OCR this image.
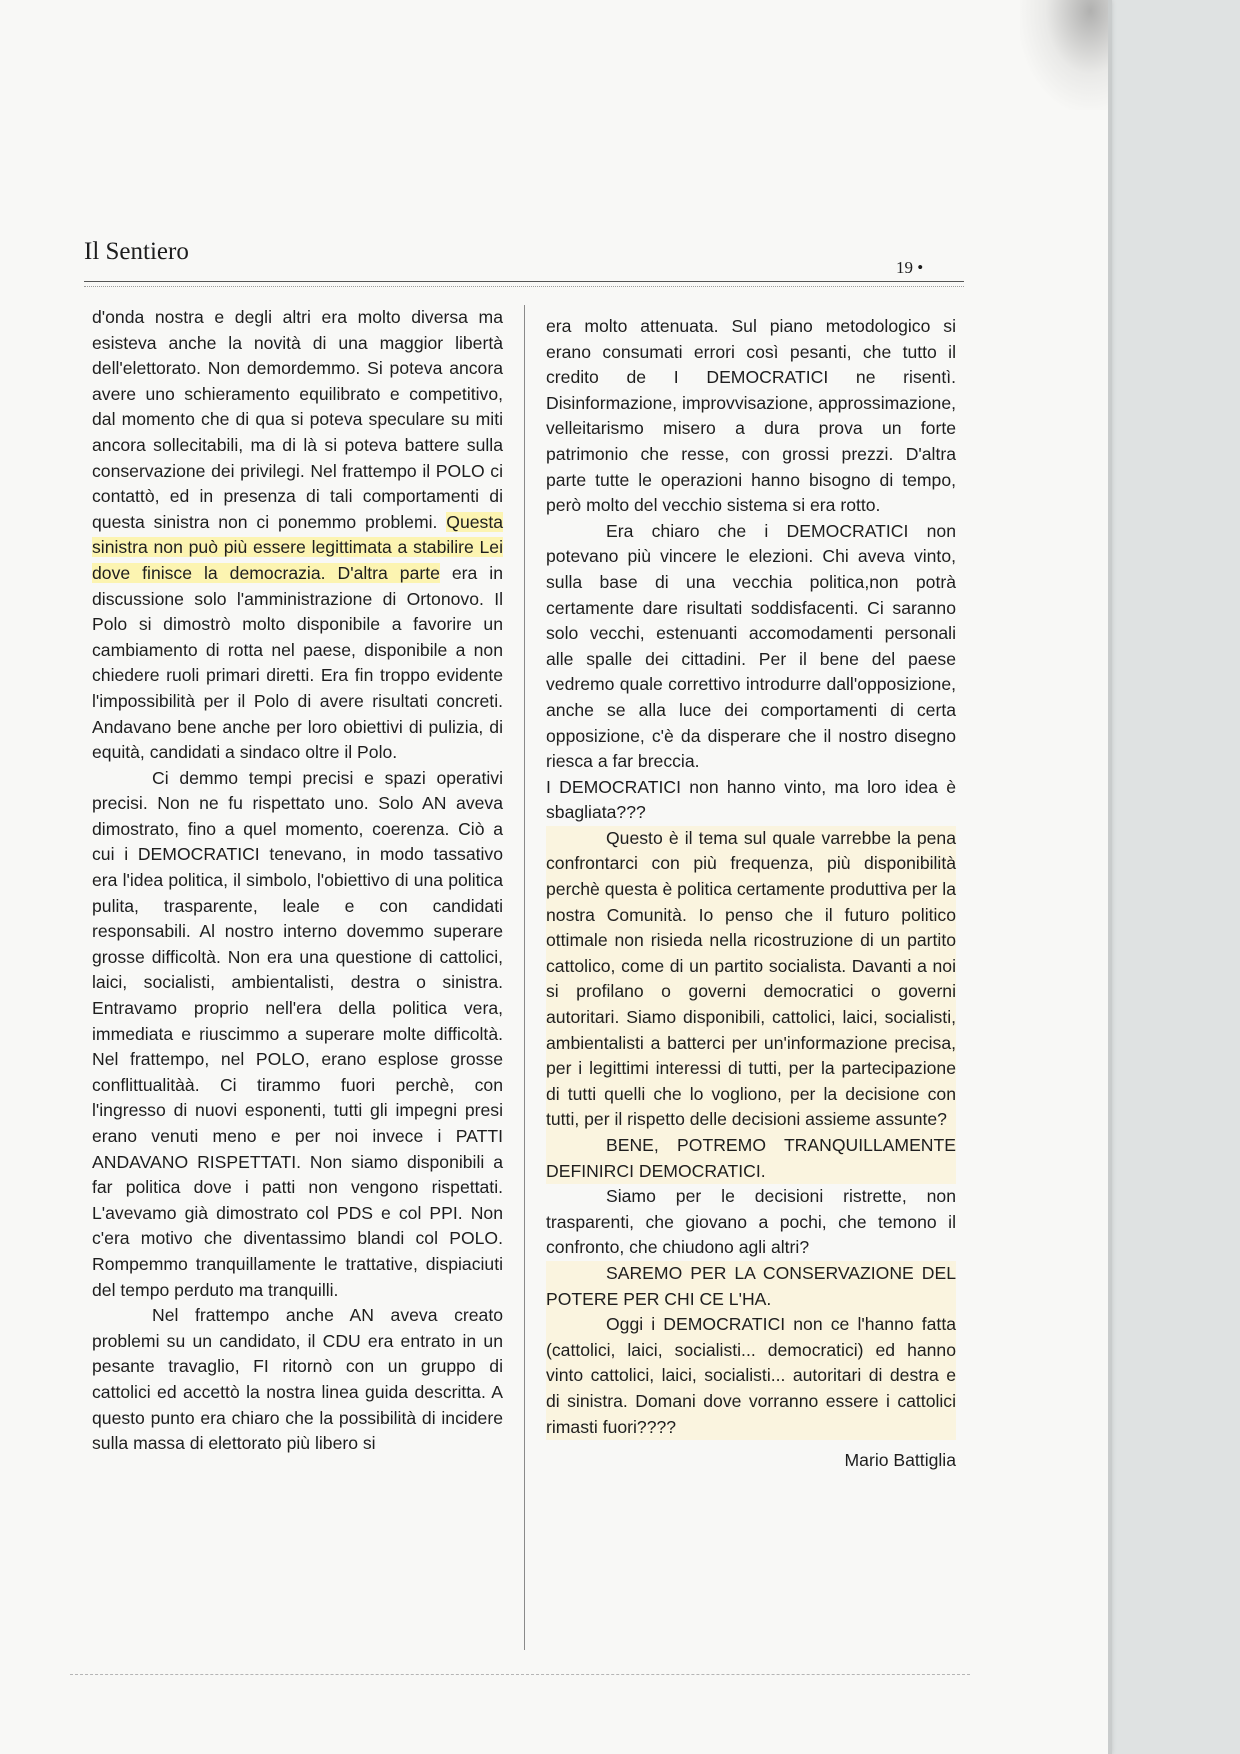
Il Sentiero
19 •

d'onda nostra e degli altri era molto diversa ma esisteva anche la novità di una maggior libertà dell'elettorato. Non demordemmo. Si poteva ancora avere uno schieramento equilibrato e competitivo, dal momento che di qua si poteva speculare su miti ancora sollecitabili, ma di là si poteva battere sulla conservazione dei privilegi. Nel frattempo il POLO ci contattò, ed in presenza di tali comportamenti di questa sinistra non ci ponemmo problemi. Questa sinistra non può più essere legittimata a stabilire Lei dove finisce la democrazia. D'altra parte era in discussione solo l'amministrazione di Ortonovo. Il Polo si dimostrò molto disponibile a favorire un cambiamento di rotta nel paese, disponibile a non chiedere ruoli primari diretti. Era fin troppo evidente l'impossibilità per il Polo di avere risultati concreti. Andavano bene anche per loro obiettivi di pulizia, di equità, candidati a sindaco oltre il Polo.

Ci demmo tempi precisi e spazi operativi precisi. Non ne fu rispettato uno. Solo AN aveva dimostrato, fino a quel momento, coerenza. Ciò a cui i DEMOCRATICI tenevano, in modo tassativo era l'idea politica, il simbolo, l'obiettivo di una politica pulita, trasparente, leale e con candidati responsabili. Al nostro interno dovemmo superare grosse difficoltà. Non era una questione di cattolici, laici, socialisti, ambientalisti, destra o sinistra. Entravamo proprio nell'era della politica vera, immediata e riuscimmo a superare molte difficoltà. Nel frattempo, nel POLO, erano esplose grosse conflittualitàà. Ci tirammo fuori perchè, con l'ingresso di nuovi esponenti, tutti gli impegni presi erano venuti meno e per noi invece i PATTI ANDAVANO RISPETTATI. Non siamo disponibili a far politica dove i patti non vengono rispettati. L'avevamo già dimostrato col PDS e col PPI. Non c'era motivo che diventassimo blandi col POLO. Rompemmo tranquillamente le trattative, dispiaciuti del tempo perduto ma tranquilli.

Nel frattempo anche AN aveva creato problemi su un candidato, il CDU era entrato in un pesante travaglio, FI ritornò con un gruppo di cattolici ed accettò la nostra linea guida descritta. A questo punto era chiaro che la possibilità di incidere sulla massa di elettorato più libero si

era molto attenuata. Sul piano metodologico si erano consumati errori così pesanti, che tutto il credito de I DEMOCRATICI ne risentì. Disinformazione, improvvisazione, approssimazione, velleitarismo misero a dura prova un forte patrimonio che resse, con grossi prezzi. D'altra parte tutte le operazioni hanno bisogno di tempo, però molto del vecchio sistema si era rotto.

Era chiaro che i DEMOCRATICI non potevano più vincere le elezioni. Chi aveva vinto, sulla base di una vecchia politica,non potrà certamente dare risultati soddisfacenti. Ci saranno solo vecchi, estenuanti accomodamenti personali alle spalle dei cittadini. Per il bene del paese vedremo quale correttivo introdurre dall'opposizione, anche se alla luce dei comportamenti di certa opposizione, c'è da disperare che il nostro disegno riesca a far breccia.

I DEMOCRATICI non hanno vinto, ma loro idea è sbagliata???

Questo è il tema sul quale varrebbe la pena confrontarci con più frequenza, più disponibilità perchè questa è politica certamente produttiva per la nostra Comunità. Io penso che il futuro politico ottimale non risieda nella ricostruzione di un partito cattolico, come di un partito socialista. Davanti a noi si profilano o governi democratici o governi autoritari. Siamo disponibili, cattolici, laici, socialisti, ambientalisti a batterci per un'informazione precisa, per i legittimi interessi di tutti, per la partecipazione di tutti quelli che lo vogliono, per la decisione con tutti, per il rispetto delle decisioni assieme assunte?

BENE, POTREMO TRANQUILLAMENTE DEFINIRCI DEMOCRATICI.

Siamo per le decisioni ristrette, non trasparenti, che giovano a pochi, che temono il confronto, che chiudono agli altri?

SAREMO PER LA CONSERVAZIONE DEL POTERE PER CHI CE L'HA.

Oggi i DEMOCRATICI non ce l'hanno fatta (cattolici, laici, socialisti... democratici) ed hanno vinto cattolici, laici, socialisti... autoritari di destra e di sinistra. Domani dove vorranno essere i cattolici rimasti fuori????

Mario Battiglia
